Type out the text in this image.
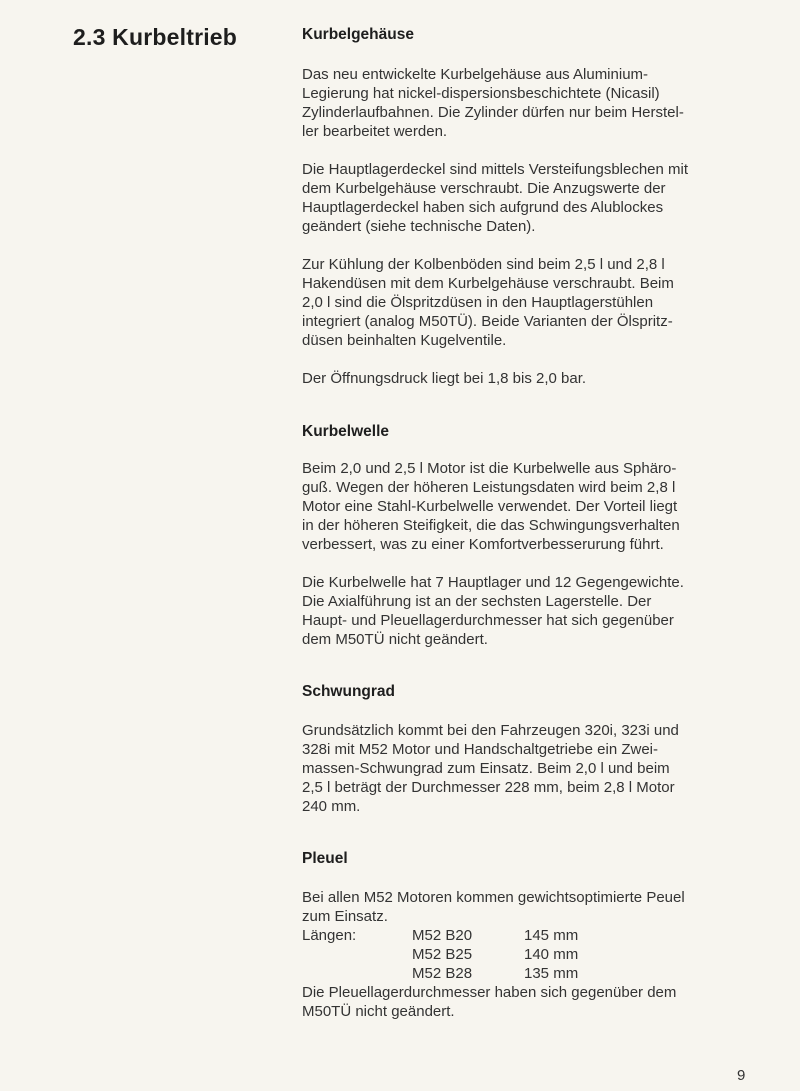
2.3 Kurbeltrieb	Kurbelgehäuse

Das neu entwickelte Kurbelgehäuse aus Aluminium-
Legierung hat nickel-dispersionsbeschichtete (Nicasil)
Zylinderlaufbahnen. Die Zylinder dürfen nur beim Herstel-
ler bearbeitet werden.

Die Hauptlagerdeckel sind mittels Versteifungsblechen mit
dem Kurbelgehäuse verschraubt. Die Anzugswerte der
Hauptlagerdeckel haben sich aufgrund des Alublockes
geändert (siehe technische Daten).

Zur Kühlung der Kolbenböden sind beim 2,5 l und 2,8 l
Hakendüsen mit dem Kurbelgehäuse verschraubt. Beim
2,0 l sind die Ölspritzdüsen in den Hauptlagerstühlen
integriert (analog M50TÜ). Beide Varianten der Ölspritz-
düsen beinhalten Kugelventile.

Der Öffnungsdruck liegt bei 1,8 bis 2,0 bar.

Kurbelwelle

Beim 2,0 und 2,5 l Motor ist die Kurbelwelle aus Sphäro-
guß. Wegen der höheren Leistungsdaten wird beim 2,8 l
Motor eine Stahl-Kurbelwelle verwendet. Der Vorteil liegt
in der höheren Steifigkeit, die das Schwingungsverhalten
verbessert, was zu einer Komfortverbesserurung führt.

Die Kurbelwelle hat 7 Hauptlager und 12 Gegengewichte.
Die Axialführung ist an der sechsten Lagerstelle. Der
Haupt- und Pleuellagerdurchmesser hat sich gegenüber
dem M50TÜ nicht geändert.

Schwungrad

Grundsätzlich kommt bei den Fahrzeugen 320i, 323i und
328i mit M52 Motor und Handschaltgetriebe ein Zwei-
massen-Schwungrad zum Einsatz. Beim 2,0 l und beim
2,5 l beträgt der Durchmesser 228 mm, beim 2,8 l Motor
240 mm.

Pleuel

Bei allen M52 Motoren kommen gewichtsoptimierte Peuel
zum Einsatz.

Längen:	M52 B20	145 mm
M52 B25	140 mm
M52 B28	135 mm

Die Pleuellagerdurchmesser haben sich gegenüber dem
M50TÜ nicht geändert.

9
